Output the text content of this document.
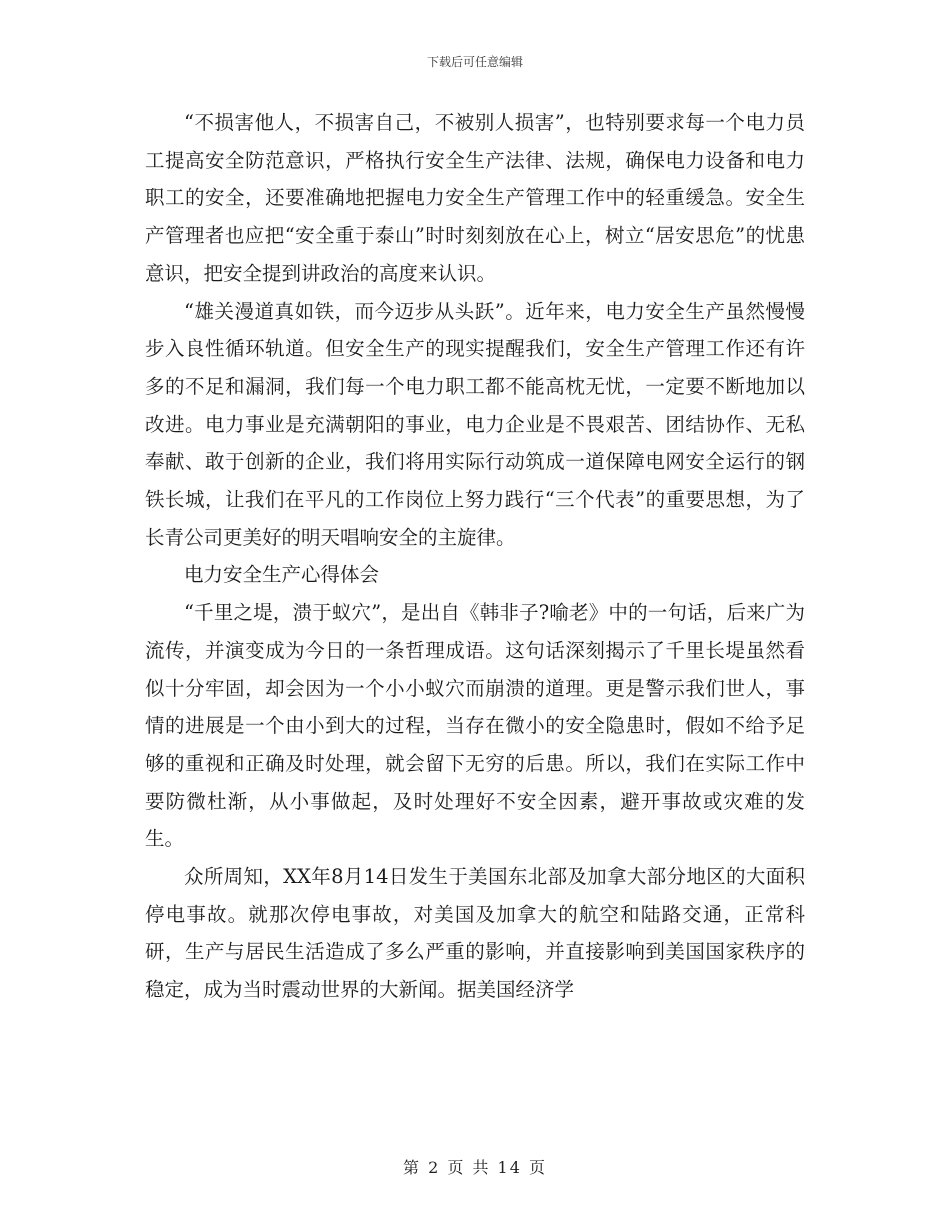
下载后可任意编辑

“不损害他人，不损害自己，不被别人损害”，也特别要求每一个电力员工提高安全防范意识，严格执行安全生产法律、法规，确保电力设备和电力职工的安全，还要准确地把握电力安全生产管理工作中的轻重缓急。安全生产管理者也应把“安全重于泰山”时时刻刻放在心上，树立“居安思危”的忧患意识，把安全提到讲政治的高度来认识。

“雄关漫道真如铁，而今迈步从头跃”。近年来，电力安全生产虽然慢慢步入良性循环轨道。但安全生产的现实提醒我们，安全生产管理工作还有许多的不足和漏洞，我们每一个电力职工都不能高枕无忧，一定要不断地加以改进。电力事业是充满朝阳的事业，电力企业是不畏艰苦、团结协作、无私奉献、敢于创新的企业，我们将用实际行动筑成一道保障电网安全运行的钢铁长城，让我们在平凡的工作岗位上努力践行“三个代表”的重要思想，为了长青公司更美好的明天唱响安全的主旋律。

电力安全生产心得体会

“千里之堤，溃于蚁穴”，是出自《韩非子?喻老》中的一句话，后来广为流传，并演变成为今日的一条哲理成语。这句话深刻揭示了千里长堤虽然看似十分牢固，却会因为一个小小蚁穴而崩溃的道理。更是警示我们世人，事情的进展是一个由小到大的过程，当存在微小的安全隐患时，假如不给予足够的重视和正确及时处理，就会留下无穷的后患。所以，我们在实际工作中要防微杜渐，从小事做起，及时处理好不安全因素，避开事故或灾难的发生。

众所周知，XX年8月14日发生于美国东北部及加拿大部分地区的大面积停电事故。就那次停电事故，对美国及加拿大的航空和陆路交通，正常科研，生产与居民生活造成了多么严重的影响，并直接影响到美国国家秩序的稳定，成为当时震动世界的大新闻。据美国经济学

第 2 页 共 14 页
